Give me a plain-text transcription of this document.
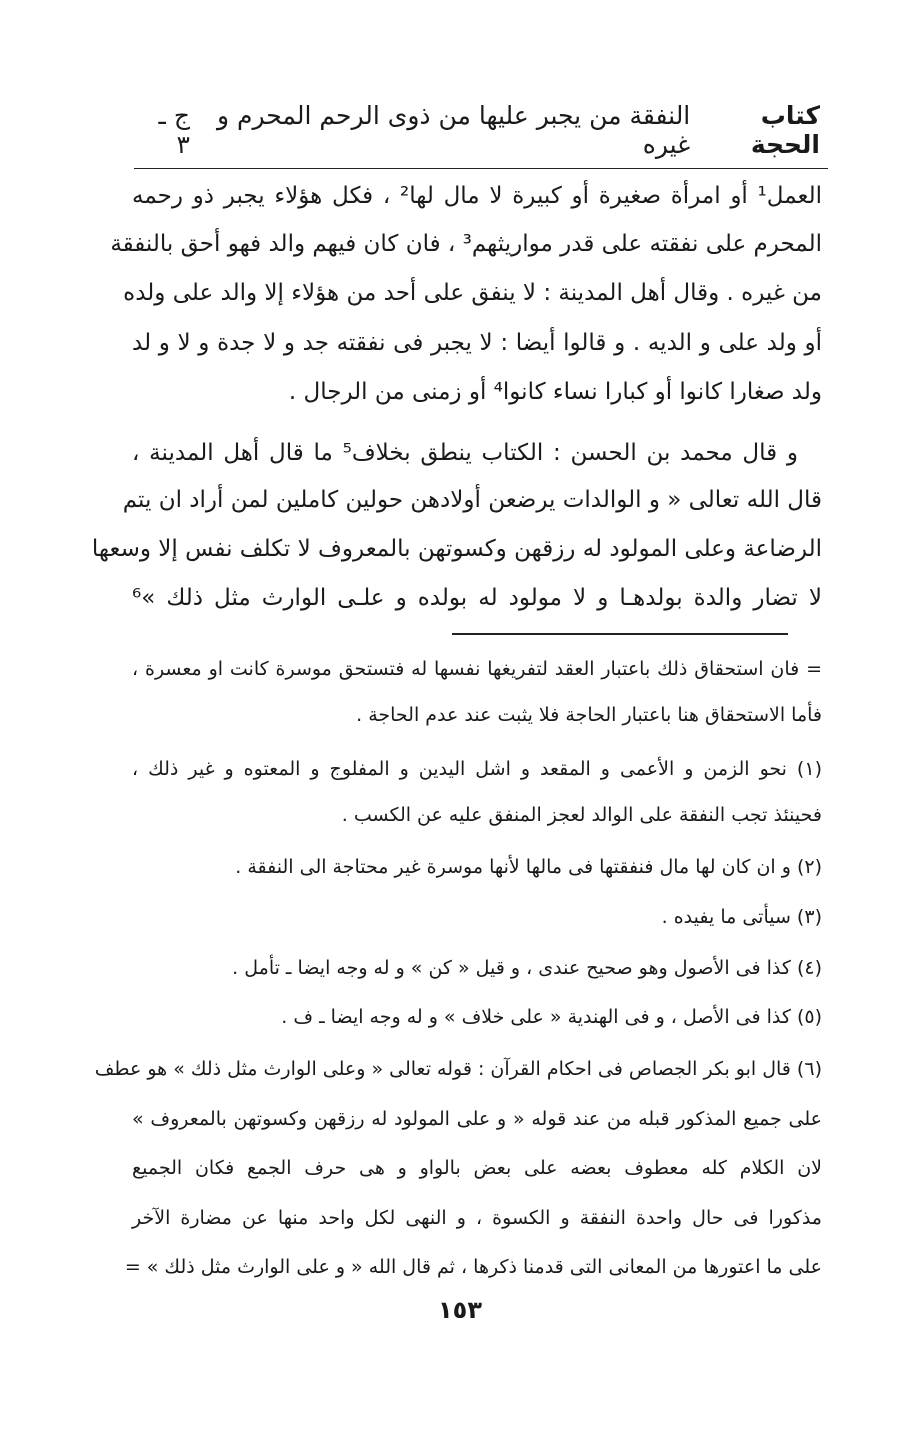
كتاب الحجة
النفقة من يجبر عليها من ذوى الرحم المحرم و غيره
ج ـ ٣
العمل¹ أو امرأة صغيرة أو كبيرة لا مال لها² ، فكل هؤلاء يجبر ذو رحمه
المحرم على نفقته على قدر مواريثهم³ ، فان كان فيهم والد فهو أحق بالنفقة
من غيره . وقال أهل المدينة : لا ينفق على أحد من هؤلاء إلا والد على ولده
أو ولد على و الديه . و قالوا أيضا : لا يجبر فى نفقته جد و لا جدة و لا و لد
ولد صغارا كانوا أو كبارا نساء كانوا⁴ أو زمنى من الرجال .
و قال محمد بن الحسن : الكتاب ينطق بخلاف⁵ ما قال أهل المدينة ،
قال الله تعالى « و الوالدات يرضعن أولادهن حولين كاملين لمن أراد ان يتم
الرضاعة وعلى المولود له رزقهن وكسوتهن بالمعروف لا تكلف نفس إلا وسعها
لا تضار والدة بولدهـا و لا مولود له بولده و علـى الوارث مثل ذلك »⁶
= فان استحقاق ذلك باعتبار العقد لتفريغها نفسها له فتستحق موسرة كانت او معسرة ،
فأما الاستحقاق هنا باعتبار الحاجة فلا يثبت عند عدم الحاجة .
(١) نحو الزمن و الأعمى و المقعد و اشل اليدين و المفلوج و المعتوه و غير ذلك ،
فحينئذ تجب النفقة على الوالد لعجز المنفق عليه عن الكسب .
(٢) و ان كان لها مال فنفقتها فى مالها لأنها موسرة غير محتاجة الى النفقة .
(٣) سيأتى ما يفيده .
(٤) كذا فى الأصول وهو صحيح عندى ، و قيل « كن » و له وجه ايضا ـ تأمل .
(٥) كذا فى الأصل ، و فى الهندية « على خلاف » و له وجه ايضا ـ ف .
(٦) قال ابو بكر الجصاص فى احكام القرآن : قوله تعالى « وعلى الوارث مثل ذلك » هو عطف
على جميع المذكور قبله من عند قوله « و على المولود له رزقهن وكسوتهن بالمعروف »
لان الكلام كله معطوف بعضه على بعض بالواو و هى حرف الجمع فكان الجميع
مذكورا فى حال واحدة النفقة و الكسوة ، و النهى لكل واحد منها عن مضارة الآخر
على ما اعتورها من المعانى التى قدمنا ذكرها ، ثم قال الله « و على الوارث مثل ذلك » =
١٥٣
